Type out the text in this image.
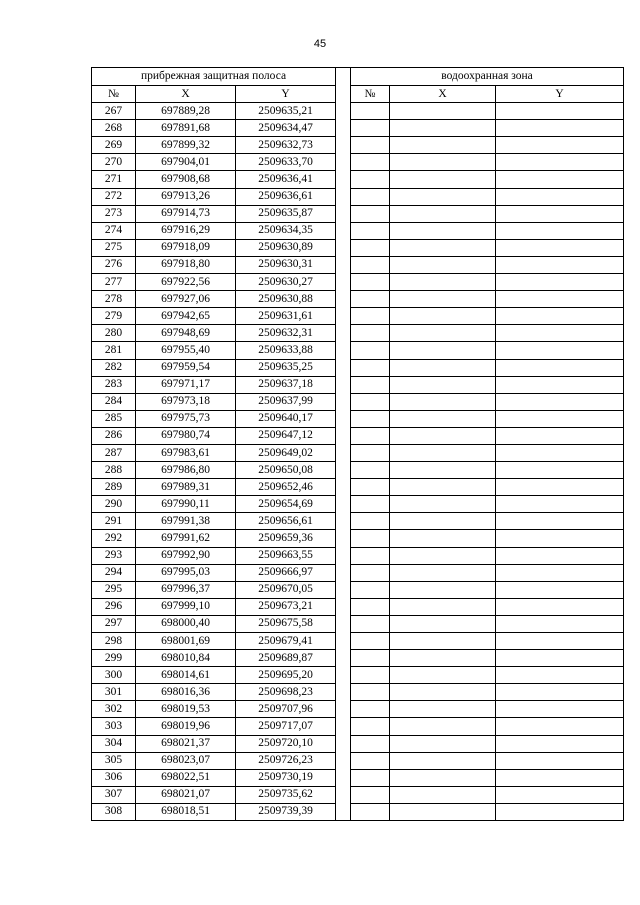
45
прибрежная защитная полоса				водоохранная зона		
№	X	Y		№	X	Y
267	697889,28	2509635,21				
268	697891,68	2509634,47				
269	697899,32	2509632,73				
270	697904,01	2509633,70				
271	697908,68	2509636,41				
272	697913,26	2509636,61				
273	697914,73	2509635,87				
274	697916,29	2509634,35				
275	697918,09	2509630,89				
276	697918,80	2509630,31				
277	697922,56	2509630,27				
278	697927,06	2509630,88				
279	697942,65	2509631,61				
280	697948,69	2509632,31				
281	697955,40	2509633,88				
282	697959,54	2509635,25				
283	697971,17	2509637,18				
284	697973,18	2509637,99				
285	697975,73	2509640,17				
286	697980,74	2509647,12				
287	697983,61	2509649,02				
288	697986,80	2509650,08				
289	697989,31	2509652,46				
290	697990,11	2509654,69				
291	697991,38	2509656,61				
292	697991,62	2509659,36				
293	697992,90	2509663,55				
294	697995,03	2509666,97				
295	697996,37	2509670,05				
296	697999,10	2509673,21				
297	698000,40	2509675,58				
298	698001,69	2509679,41				
299	698010,84	2509689,87				
300	698014,61	2509695,20				
301	698016,36	2509698,23				
302	698019,53	2509707,96				
303	698019,96	2509717,07				
304	698021,37	2509720,10				
305	698023,07	2509726,23				
306	698022,51	2509730,19				
307	698021,07	2509735,62				
308	698018,51	2509739,39				
